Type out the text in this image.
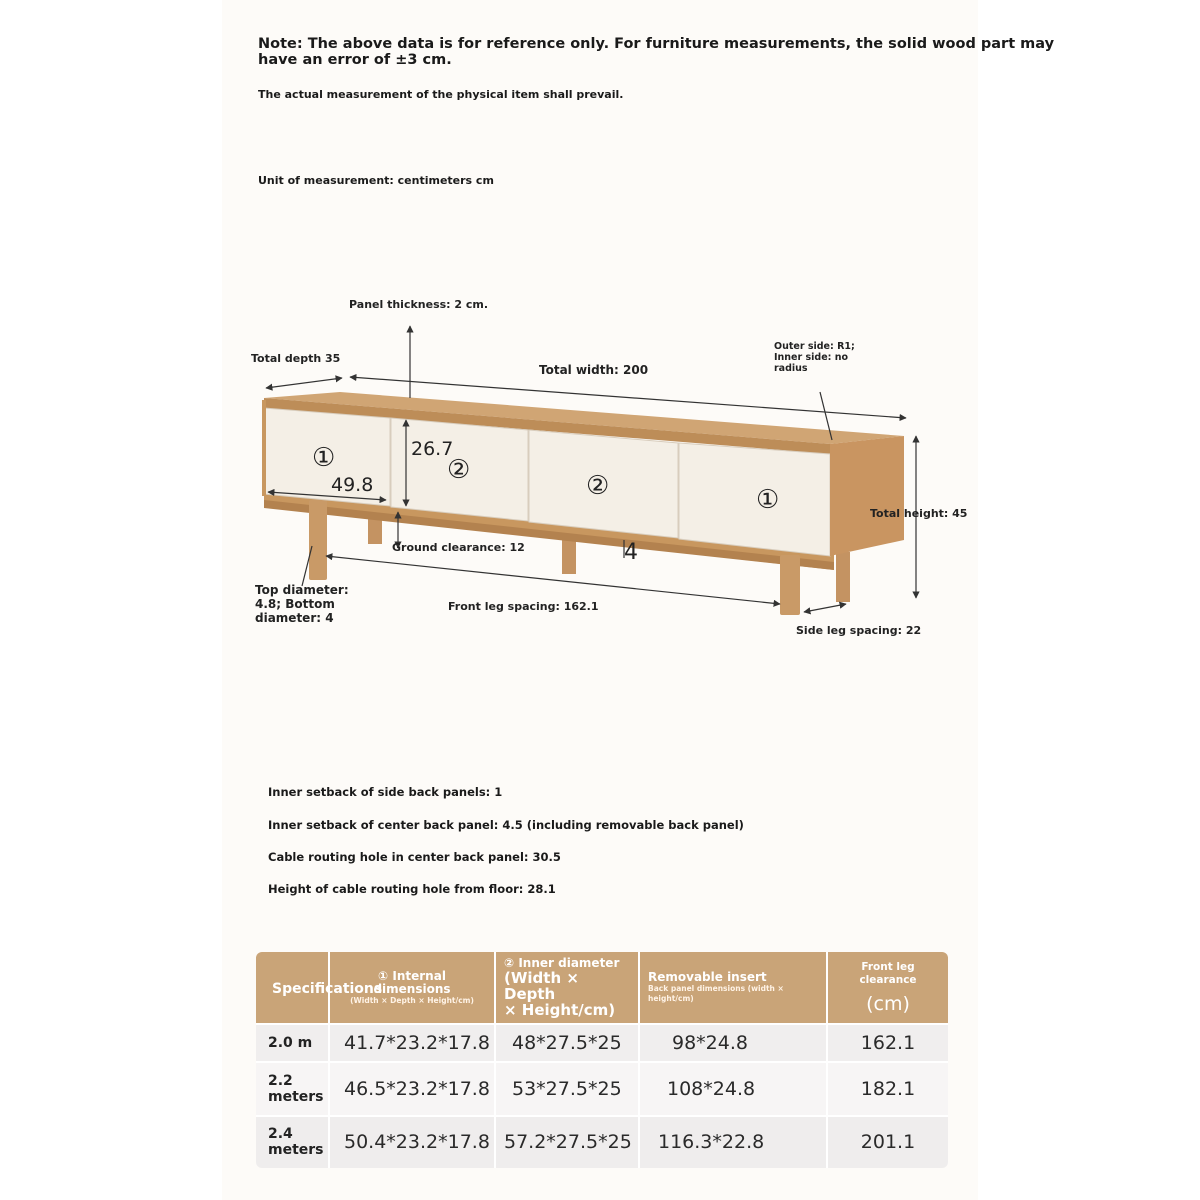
Note: The above data is for reference only. For furniture measurements, the solid wood part may
have an error of ±3 cm.
The actual measurement of the physical item shall prevail.
Unit of measurement: centimeters cm
①	②
②	①
49.8
26.7
4
Panel thickness: 2 cm.
Total depth 35
Total width: 200
Outer side: R1;
Inner side: no
radius
Total height: 45
Ground clearance: 12
Top diameter:
4.8; Bottom
diameter: 4
Front leg spacing: 162.1
Side leg spacing: 22
Inner setback of side back panels: 1
Inner setback of center back panel: 4.5 (including removable back panel)
Cable routing hole in center back panel: 30.5
Height of cable routing hole from floor: 28.1
Specifications	① Internal
dimensions
(Width × Depth × Height/cm)	② Inner diameter
(Width × Depth
× Height/cm)	Removable insert
Back panel dimensions (width × height/cm)	Front leg clearance
(cm)

2.0 m	41.7*23.2*17.8	48*27.5*25	98*24.8	162.1

2.2
meters	46.5*23.2*17.8	53*27.5*25	108*24.8	182.1

2.4
meters	50.4*23.2*17.8	57.2*27.5*25	116.3*22.8	201.1
